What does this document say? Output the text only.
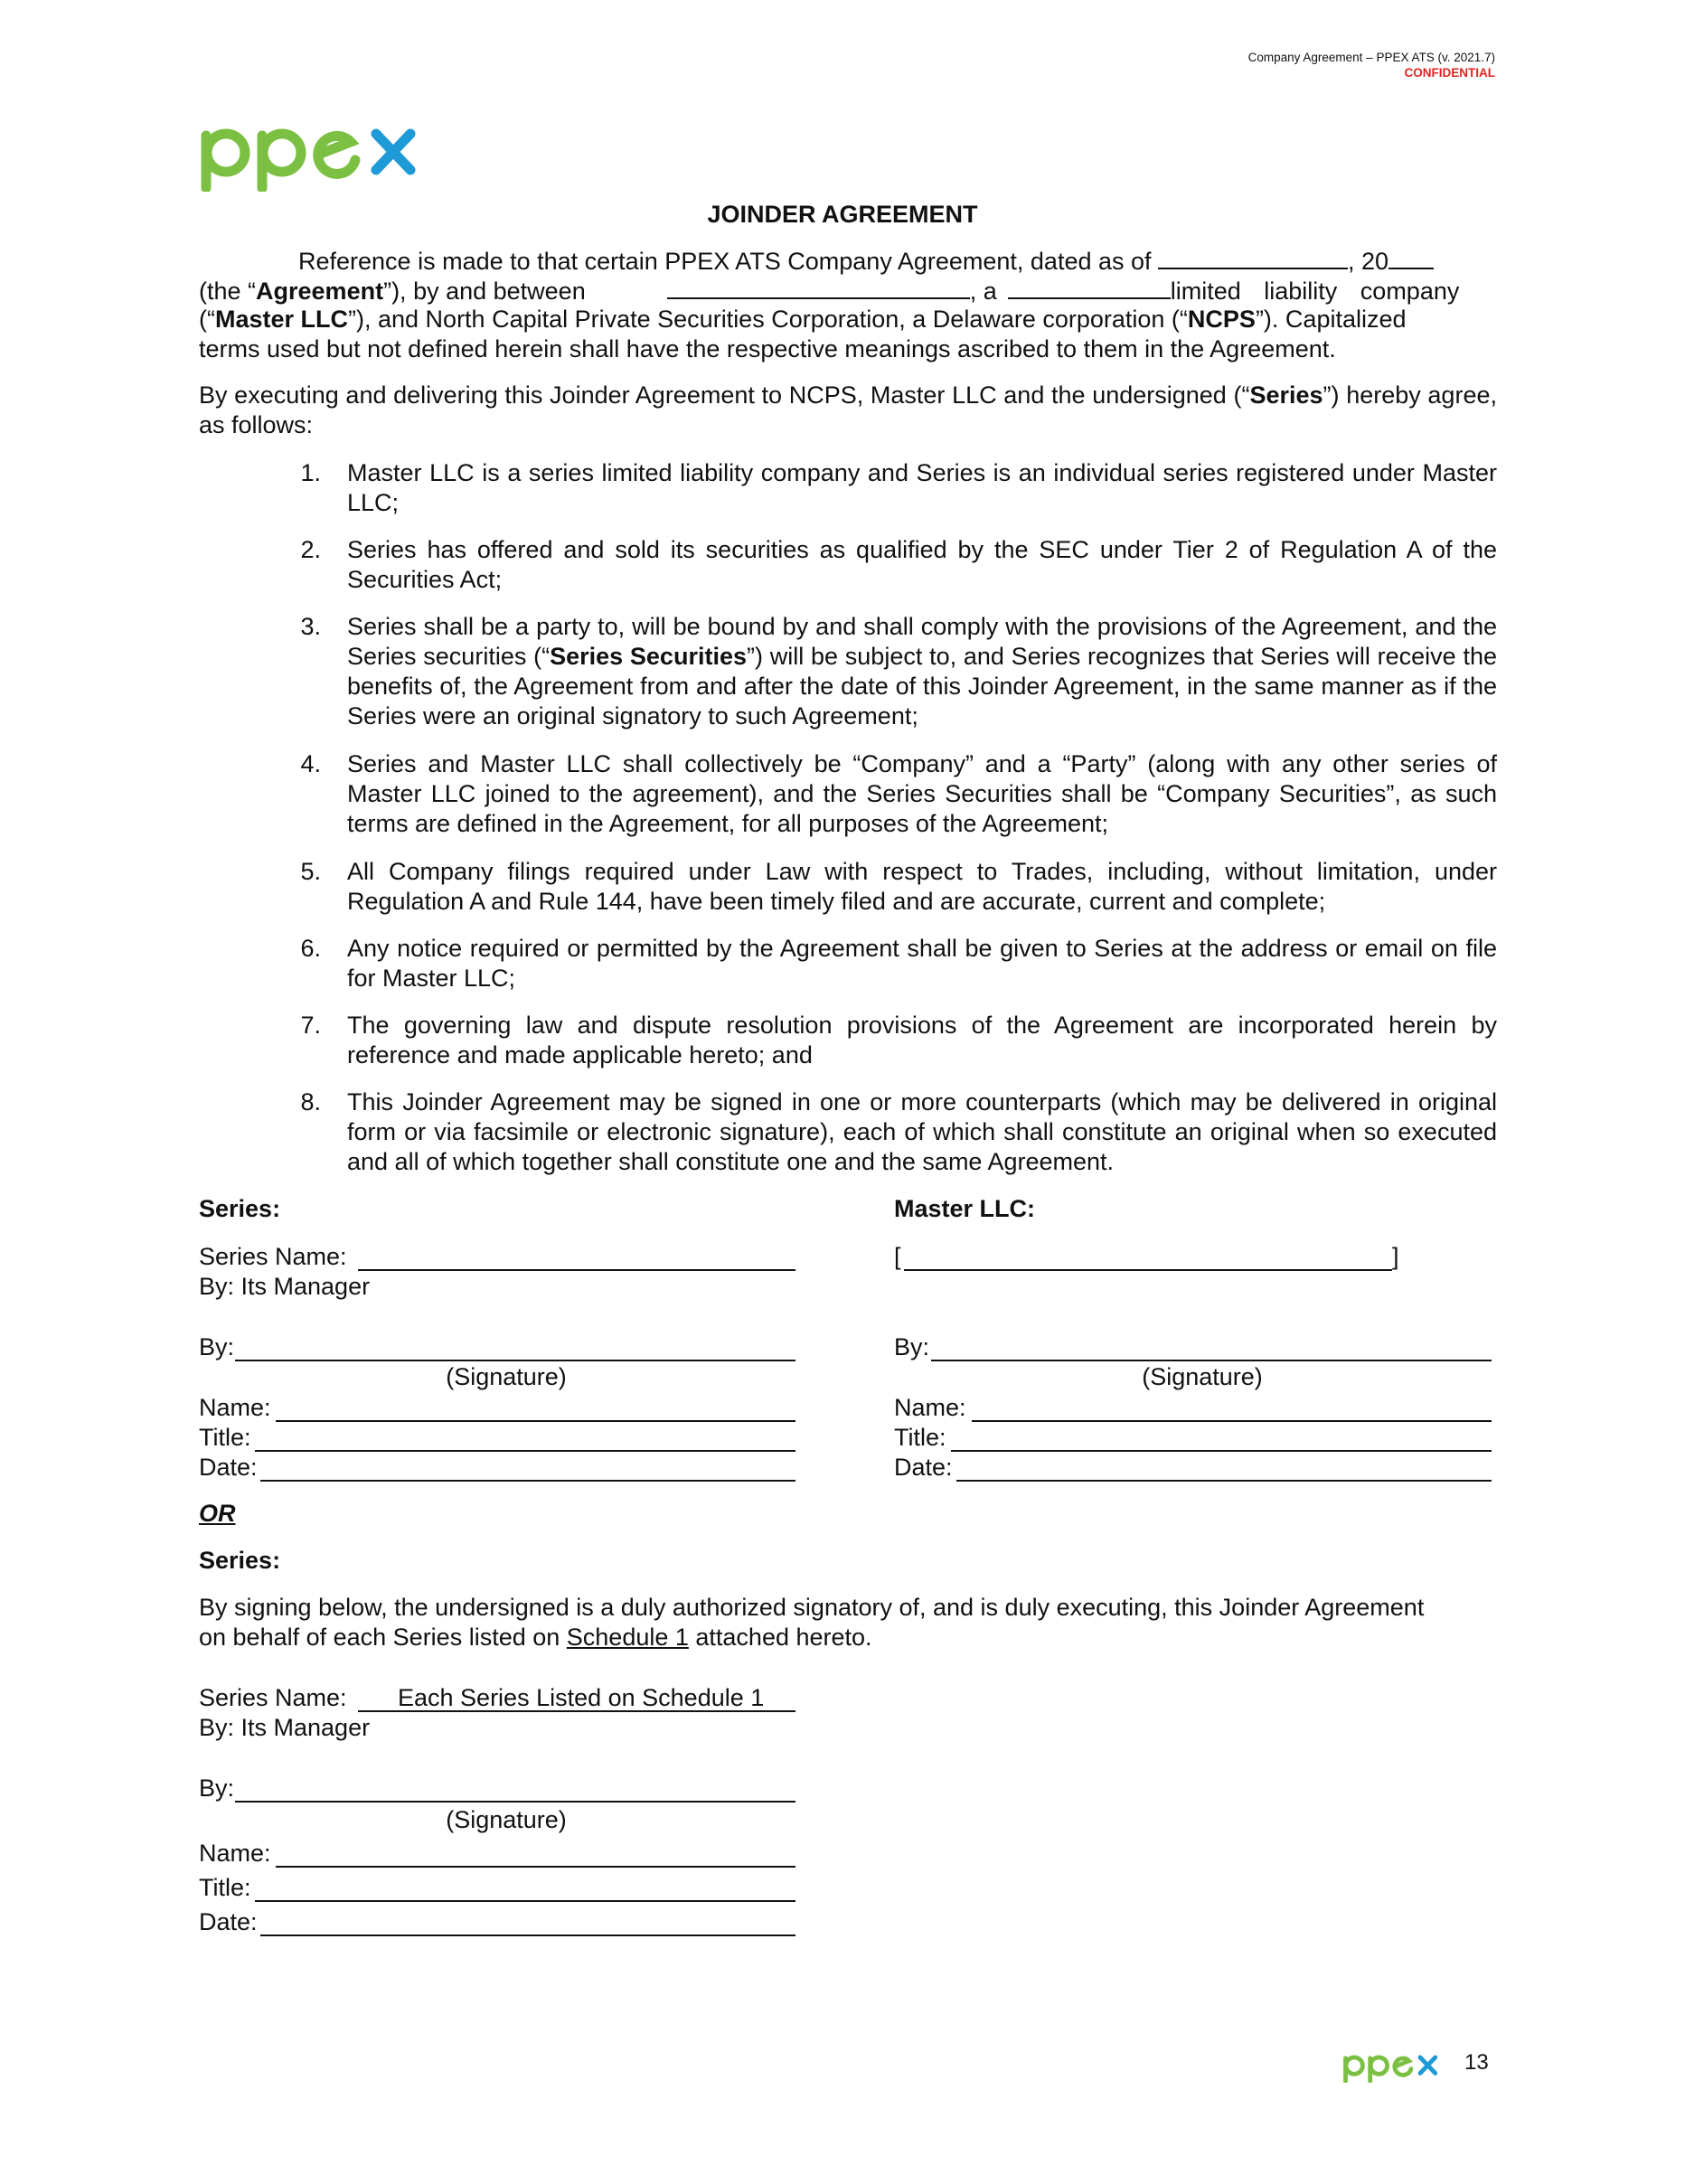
Company Agreement – PPEX ATS (v. 2021.7)
CONFIDENTIAL
ppex
JOINDER AGREEMENT
Reference is made to that certain PPEX ATS Company Agreement, dated as of	, 20
(the “Agreement”), by and between	, a	limited liability company
(“Master LLC”), and North Capital Private Securities Corporation, a Delaware corporation (“NCPS”). Capitalized
terms used but not defined herein shall have the respective meanings ascribed to them in the Agreement.
By executing and delivering this Joinder Agreement to NCPS, Master LLC and the undersigned (“Series”) hereby agree, as follows:
1. Master LLC is a series limited liability company and Series is an individual series registered under Master LLC;
2. Series has offered and sold its securities as qualified by the SEC under Tier 2 of Regulation A of the Securities Act;
3. Series shall be a party to, will be bound by and shall comply with the provisions of the Agreement, and the Series securities (“Series Securities”) will be subject to, and Series recognizes that Series will receive the benefits of, the Agreement from and after the date of this Joinder Agreement, in the same manner as if the Series were an original signatory to such Agreement;
4. Series and Master LLC shall collectively be “Company” and a “Party” (along with any other series of Master LLC joined to the agreement), and the Series Securities shall be “Company Securities”, as such terms are defined in the Agreement, for all purposes of the Agreement;
5. All Company filings required under Law with respect to Trades, including, without limitation, under Regulation A and Rule 144, have been timely filed and are accurate, current and complete;
6. Any notice required or permitted by the Agreement shall be given to Series at the address or email on file for Master LLC;
7. The governing law and dispute resolution provisions of the Agreement are incorporated herein by reference and made applicable hereto; and
8. This Joinder Agreement may be signed in one or more counterparts (which may be delivered in original form or via facsimile or electronic signature), each of which shall constitute an original when so executed and all of which together shall constitute one and the same Agreement.
Series:
Series Name:
By: Its Manager
By:
(Signature)
Name:
Title:
Date:
Master LLC:
[	]
By:
(Signature)
Name:
Title:
Date:
OR
Series:
By signing below, the undersigned is a duly authorized signatory of, and is duly executing, this Joinder Agreement
on behalf of each Series listed on Schedule 1 attached hereto.
Series Name: Each Series Listed on Schedule 1
By: Its Manager
By:
(Signature)
Name:
Title:
Date:
13
